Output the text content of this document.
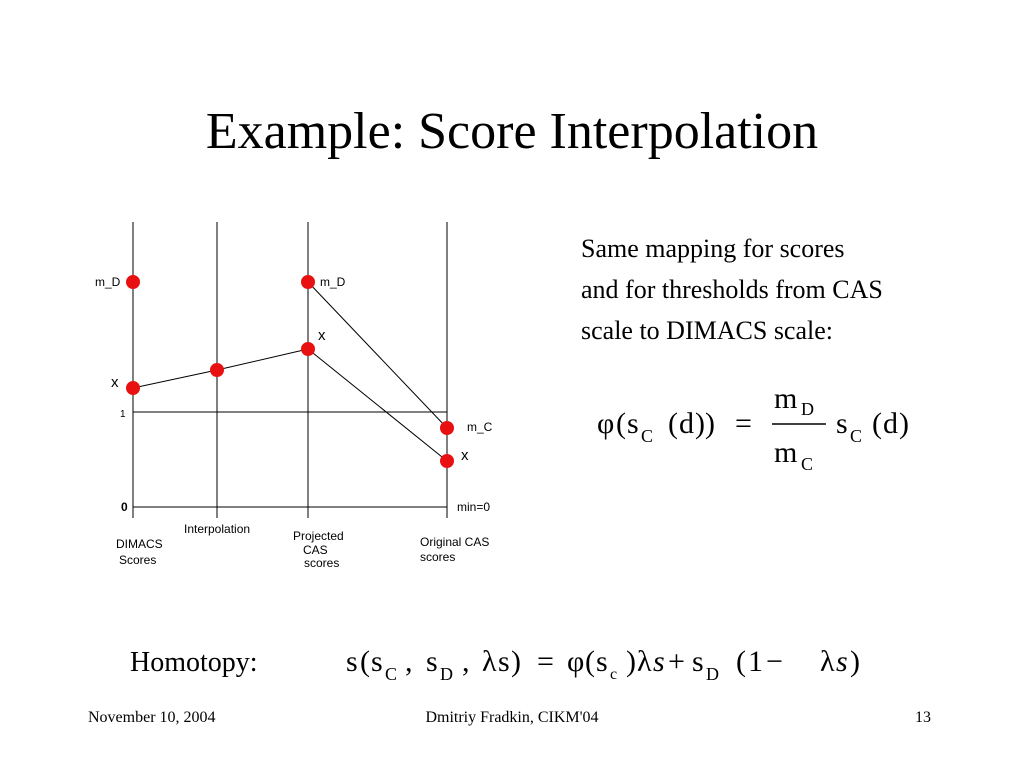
Example: Score Interpolation
Same mapping for scores
and for thresholds from CAS
scale to DIMACS scale:
m_D	m_D
x
x
1
m_C
x
0	min=0
DIMACS
Scores
Interpolation	Projected
CAS
scores
Original CAS
scores
φ ( s C ( d )) =
m D
m C
s C ( d )
Homotopy:	s ( s C , s D , λ s ) = φ ( s c ) λ s + s D ( 1 − λ s )
November 10, 2004	Dmitriy Fradkin, CIKM'04	13
